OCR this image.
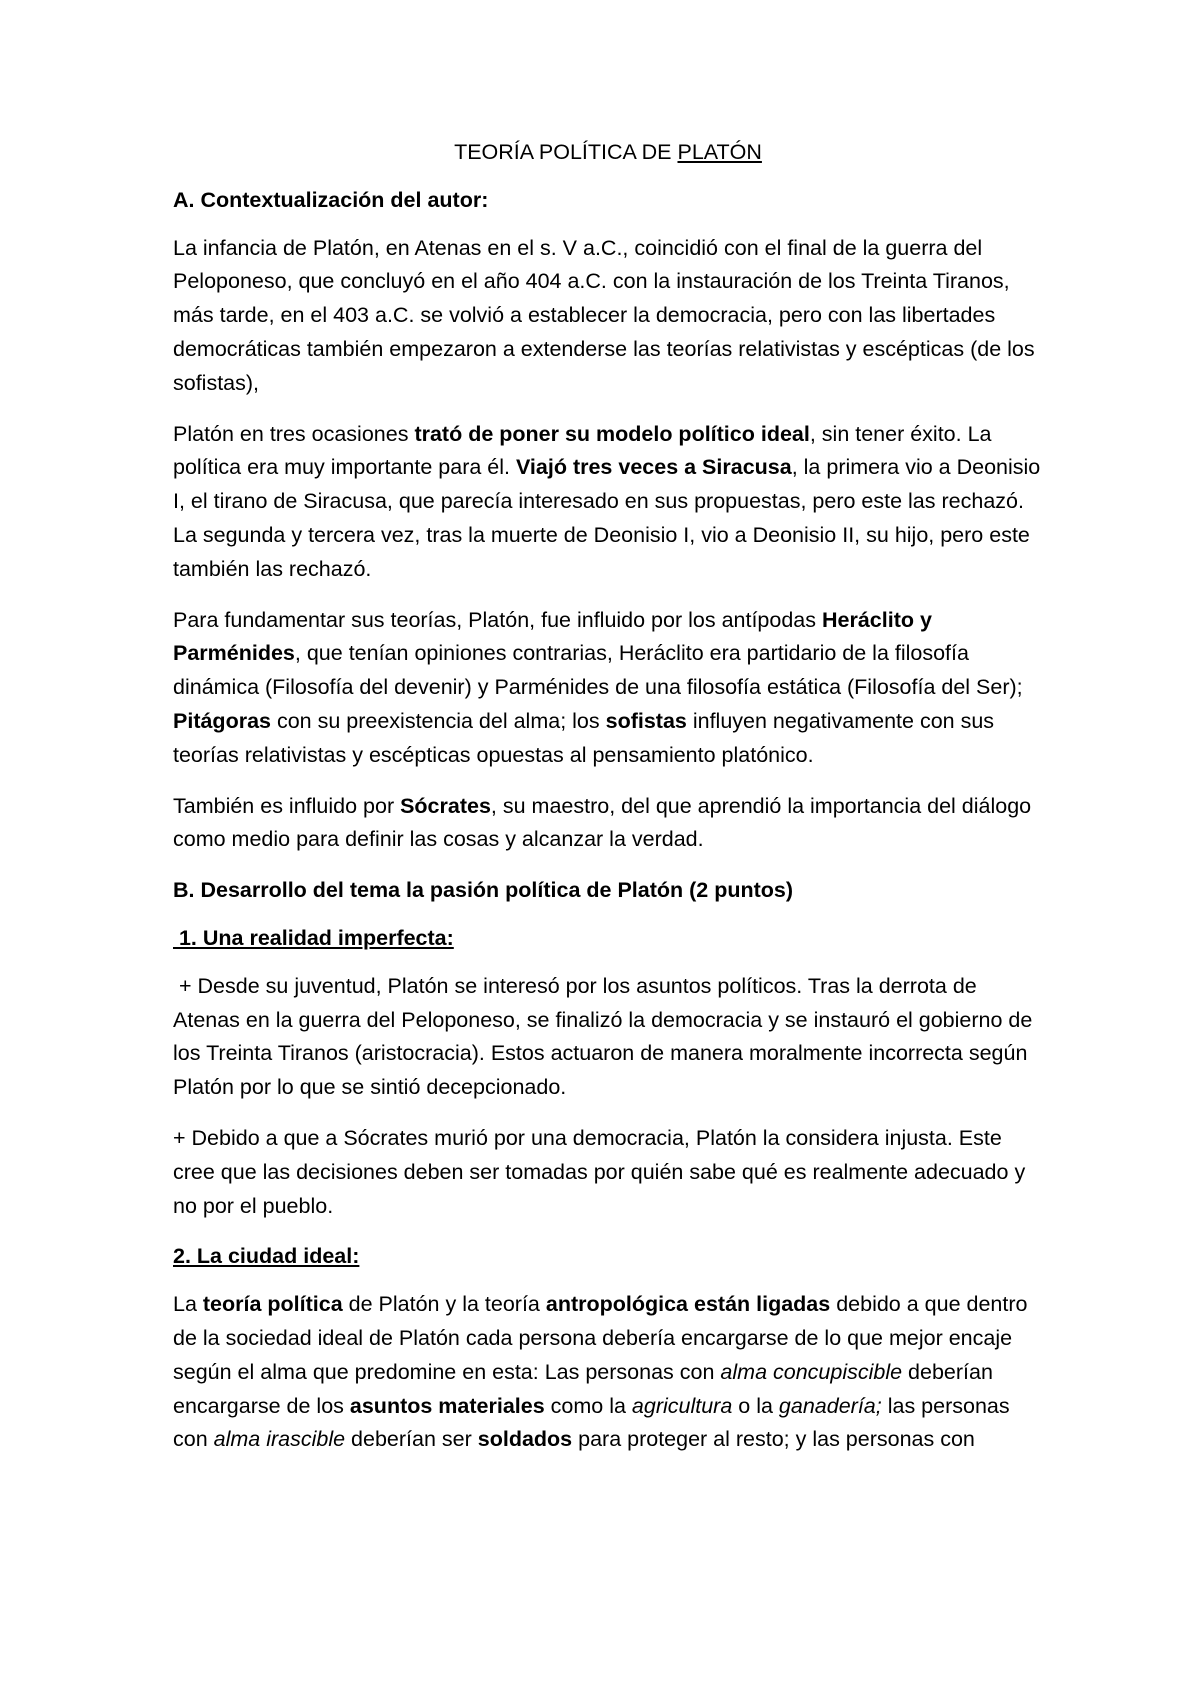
TEORÍA POLÍTICA DE PLATÓN
A. Contextualización del autor:

La infancia de Platón, en Atenas en el s. V a.C., coincidió con el final de la guerra del Peloponeso, que concluyó en el año 404 a.C. con la instauración de los Treinta Tiranos, más tarde, en el 403 a.C. se volvió a establecer la democracia, pero con las libertades democráticas también empezaron a extenderse las teorías relativistas y escépticas (de los sofistas),

Platón en tres ocasiones trató de poner su modelo político ideal, sin tener éxito. La política era muy importante para él. Viajó tres veces a Siracusa, la primera vio a Deonisio I, el tirano de Siracusa, que parecía interesado en sus propuestas, pero este las rechazó. La segunda y tercera vez, tras la muerte de Deonisio I, vio a Deonisio II, su hijo, pero este también las rechazó.

Para fundamentar sus teorías, Platón, fue influido por los antípodas Heráclito y Parménides, que tenían opiniones contrarias, Heráclito era partidario de la filosofía dinámica (Filosofía del devenir) y Parménides de una filosofía estática (Filosofía del Ser); Pitágoras con su preexistencia del alma; los sofistas influyen negativamente con sus teorías relativistas y escépticas opuestas al pensamiento platónico.

También es influido por Sócrates, su maestro, del que aprendió la importancia del diálogo como medio para definir las cosas y alcanzar la verdad.

B. Desarrollo del tema la pasión política de Platón (2 puntos)
1. Una realidad imperfecta:

+ Desde su juventud, Platón se interesó por los asuntos políticos. Tras la derrota de Atenas en la guerra del Peloponeso, se finalizó la democracia y se instauró el gobierno de los Treinta Tiranos (aristocracia). Estos actuaron de manera moralmente incorrecta según Platón por lo que se sintió decepcionado.

+ Debido a que a Sócrates murió por una democracia, Platón la considera injusta. Este cree que las decisiones deben ser tomadas por quién sabe qué es realmente adecuado y no por el pueblo.

2. La ciudad ideal:

La teoría política de Platón y la teoría antropológica están ligadas debido a que dentro de la sociedad ideal de Platón cada persona debería encargarse de lo que mejor encaje según el alma que predomine en esta: Las personas con alma concupiscible deberían encargarse de los asuntos materiales como la agricultura o la ganadería; las personas con alma irascible deberían ser soldados para proteger al resto; y las personas con
